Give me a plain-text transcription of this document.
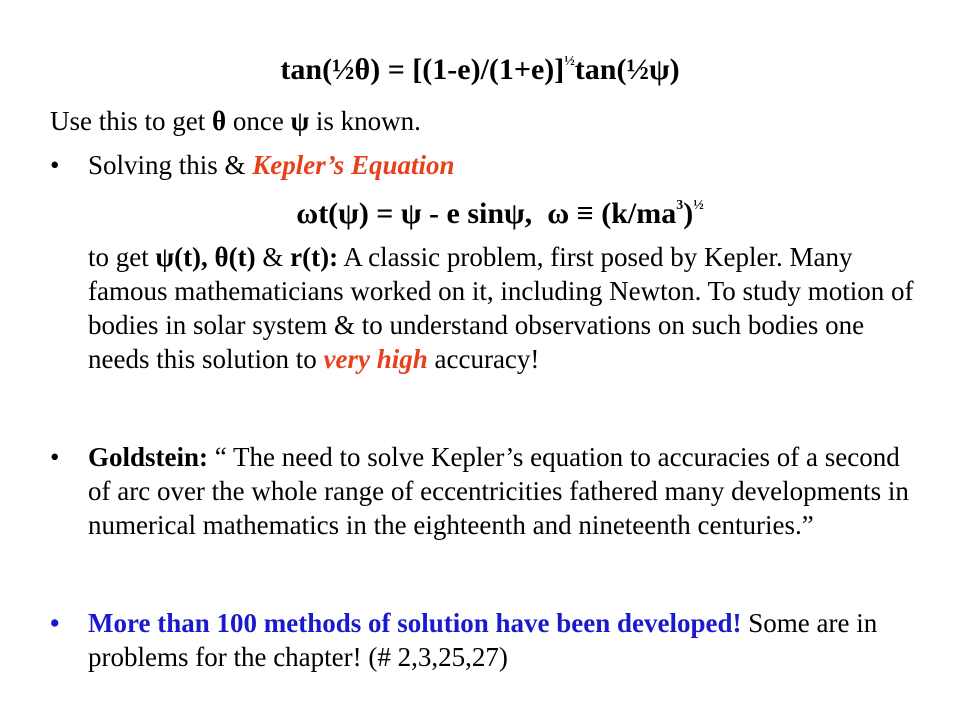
tan(½θ) = $[(1-e)/(1+e)]^{\frac{1}{2}}\tan(\frac{1}{2}\psi)$
Use this to get θ once ψ is known.
• Solving this & Kepler’s Equation
ωt(ψ) = ψ - e sinψ, $\omega \equiv (k/ma^3)^{\frac{1}{2}}$
to get ψ(t), θ(t) & r(t): A classic problem, first posed by Kepler. Many famous mathematicians worked on it, including Newton. To study motion of bodies in solar system & to understand observations on such bodies one needs this solution to very high accuracy!
• Goldstein: “ The need to solve Kepler’s equation to accuracies of a second of arc over the whole range of eccentricities fathered many developments in numerical mathematics in the eighteenth and nineteenth centuries.”
• More than 100 methods of solution have been developed! Some are in problems for the chapter! (# 2,3,25,27)
